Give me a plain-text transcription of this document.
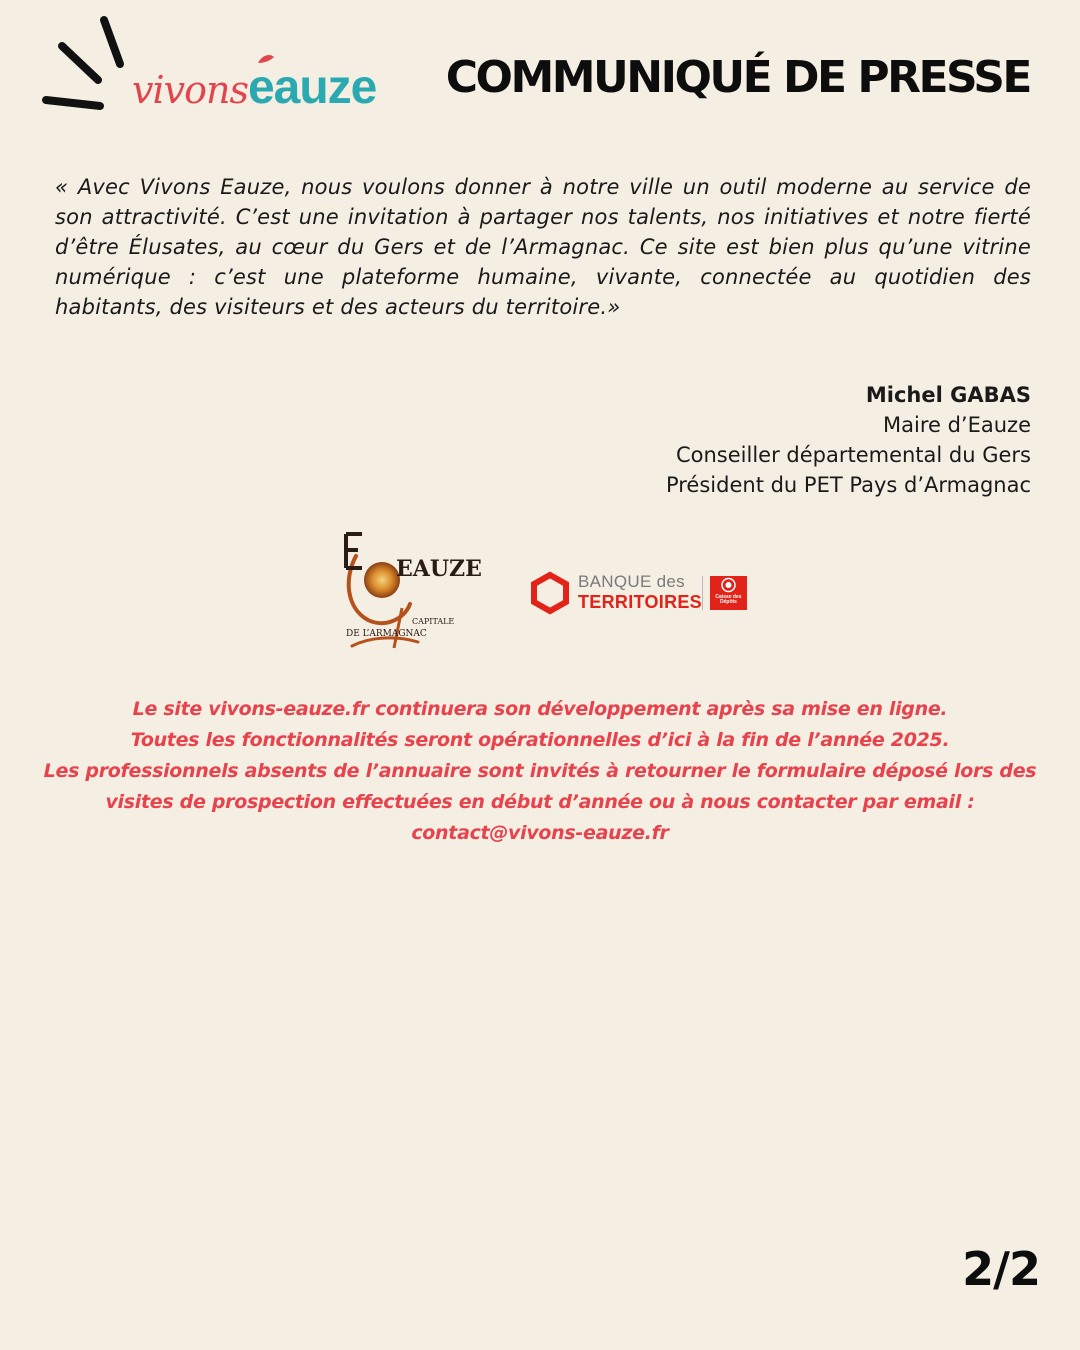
vivons
eauze COMMUNIQUÉ DE PRESSE

« Avec Vivons Eauze, nous voulons donner à notre ville un outil moderne au service de son attractivité. C’est une invitation à partager nos talents, nos initiatives et notre fierté d’être Élusates, au cœur du Gers et de l’Armagnac. Ce site est bien plus qu’une vitrine numérique : c’est une plateforme humaine, vivante, connectée au quotidien des habitants, des visiteurs et des acteurs du territoire.»

Michel GABAS
Maire d’Eauze
Conseiller départemental du Gers
Président du PET Pays d’Armagnac
EAUZE
CAPITALE
DE L’ARMAGNAC
BANQUE des
TERRITOIRES	Caisse des Dépôts
Le site vivons-eauze.fr continuera son développement après sa mise en ligne.
Toutes les fonctionnalités seront opérationnelles d’ici à la fin de l’année 2025.
Les professionnels absents de l’annuaire sont invités à retourner le formulaire déposé lors des
visites de prospection effectuées en début d’année ou à nous contacter par email :
contact@vivons-eauze.fr
2/2
